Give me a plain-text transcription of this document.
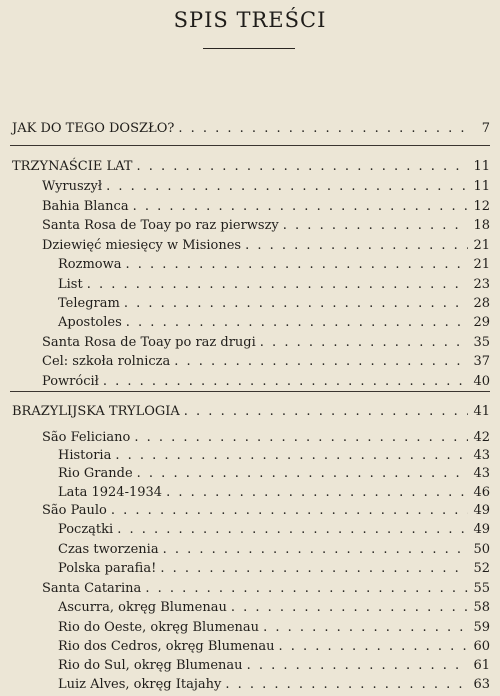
SPIS TREŚCI
JAK DO TEGO DOSZŁO? . . .	7
TRZYNAŚCIE LAT . . .	11
Wyruszył . . .	11
Bahia Blanca . . .	12
Santa Rosa de Toay po raz pierwszy . . .	18
Dziewięć miesięcy w Misiones . . .	21
Rozmowa . . .	21
List . . .	23
Telegram . . .	28
Apostoles . . .	29
Santa Rosa de Toay po raz drugi . . .	35
Cel: szkoła rolnicza . . .	37
Powrócił . . .	40
BRAZYLIJSKA TRYLOGIA . . .	41
São Feliciano . . .	42
Historia . . .	43
Rio Grande . . .	43
Lata 1924-1934 . . .	46
São Paulo . . .	49
Początki . . .	49
Czas tworzenia . . .	50
Polska parafia! . . .	52
Santa Catarina . . .	55
Ascurra, okręg Blumenau . . .	58
Rio do Oeste, okręg Blumenau . . .	59
Rio dos Cedros, okręg Blumenau . . .	60
Rio do Sul, okręg Blumenau . . .	61
Luiz Alves, okręg Itajahy . . .	63
